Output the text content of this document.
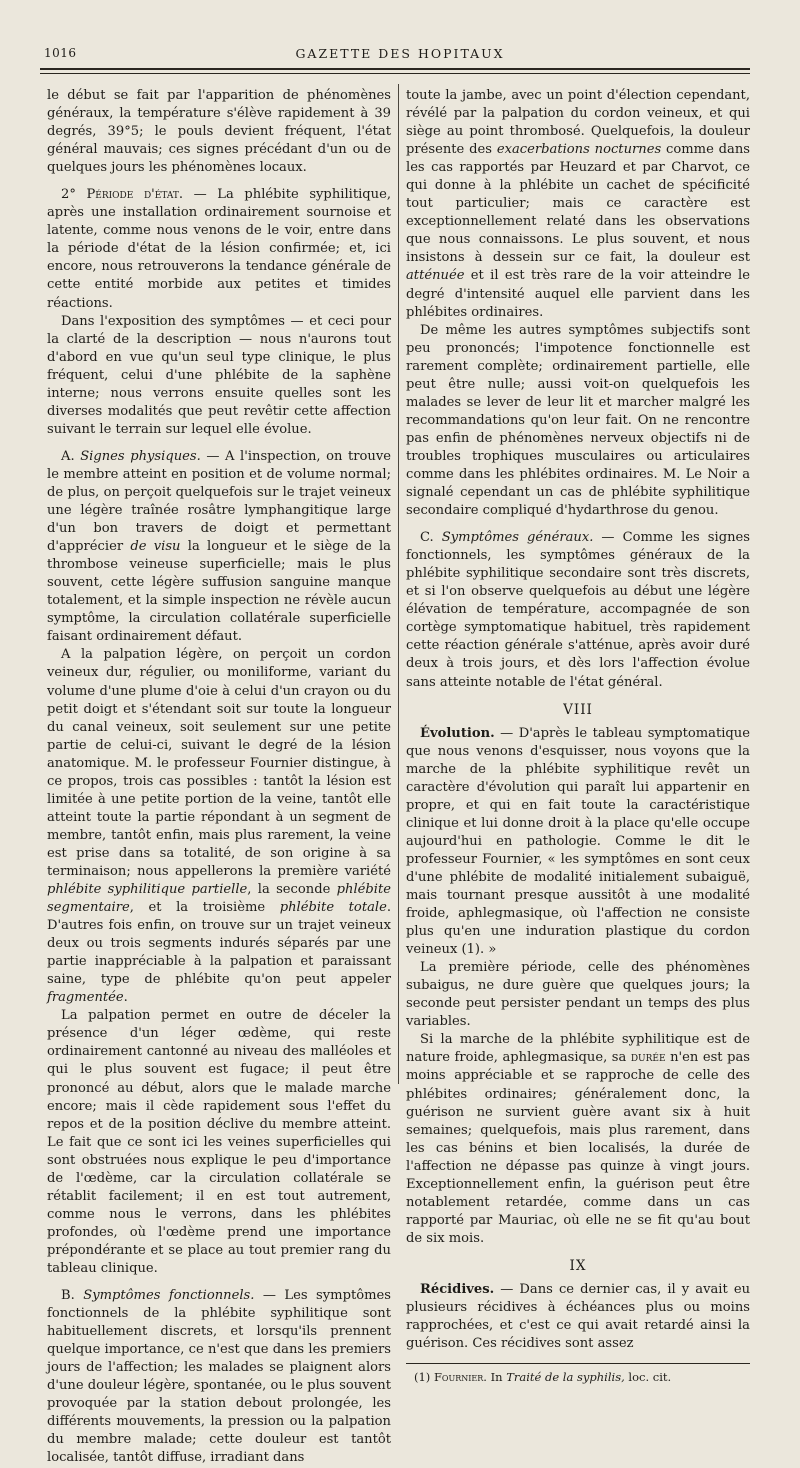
1016	GAZETTE DES HOPITAUX

le début se fait par l'apparition de phénomènes généraux, la température s'élève rapidement à 39 degrés, 39°5; le pouls devient fréquent, l'état général mauvais; ces signes précédant d'un ou de quelques jours les phénomènes locaux.

2° Période d'état. — La phlébite syphilitique, après une installation ordinairement sournoise et latente, comme nous venons de le voir, entre dans la période d'état de la lésion confirmée; et, ici encore, nous retrouverons la tendance générale de cette entité morbide aux petites et timides réactions.

Dans l'exposition des symptômes — et ceci pour la clarté de la description — nous n'aurons tout d'abord en vue qu'un seul type clinique, le plus fréquent, celui d'une phlébite de la saphène interne; nous verrons ensuite quelles sont les diverses modalités que peut revêtir cette affection suivant le terrain sur lequel elle évolue.

A. Signes physiques. — A l'inspection, on trouve le membre atteint en position et de volume normal; de plus, on perçoit quelquefois sur le trajet veineux une légère traînée rosâtre lymphangitique large d'un bon travers de doigt et permettant d'apprécier de visu la longueur et le siège de la thrombose veineuse superficielle; mais le plus souvent, cette légère suffusion sanguine manque totalement, et la simple inspection ne révèle aucun symptôme, la circulation collatérale superficielle faisant ordinairement défaut.

A la palpation légère, on perçoit un cordon veineux dur, régulier, ou moniliforme, variant du volume d'une plume d'oie à celui d'un crayon ou du petit doigt et s'étendant soit sur toute la longueur du canal veineux, soit seulement sur une petite partie de celui-ci, suivant le degré de la lésion anatomique. M. le professeur Fournier distingue, à ce propos, trois cas possibles : tantôt la lésion est limitée à une petite portion de la veine, tantôt elle atteint toute la partie répondant à un segment de membre, tantôt enfin, mais plus rarement, la veine est prise dans sa totalité, de son origine à sa terminaison; nous appellerons la première variété phlébite syphilitique partielle, la seconde phlébite segmentaire, et la troisième phlébite totale. D'autres fois enfin, on trouve sur un trajet veineux deux ou trois segments indurés séparés par une partie inappréciable à la palpation et paraissant saine, type de phlébite qu'on peut appeler fragmentée.

La palpation permet en outre de déceler la présence d'un léger œdème, qui reste ordinairement cantonné au niveau des malléoles et qui le plus souvent est fugace; il peut être prononcé au début, alors que le malade marche encore; mais il cède rapidement sous l'effet du repos et de la position déclive du membre atteint. Le fait que ce sont ici les veines superficielles qui sont obstruées nous explique le peu d'importance de l'œdème, car la circulation collatérale se rétablit facilement; il en est tout autrement, comme nous le verrons, dans les phlébites profondes, où l'œdème prend une importance prépondérante et se place au tout premier rang du tableau clinique.

B. Symptômes fonctionnels. — Les symptômes fonctionnels de la phlébite syphilitique sont habituellement discrets, et lorsqu'ils prennent quelque importance, ce n'est que dans les premiers jours de l'affection; les malades se plaignent alors d'une douleur légère, spontanée, ou le plus souvent provoquée par la station debout prolongée, les différents mouvements, la pression ou la palpation du membre malade; cette douleur est tantôt localisée, tantôt diffuse, irradiant dans

toute la jambe, avec un point d'élection cependant, révélé par la palpation du cordon veineux, et qui siège au point thrombosé. Quelquefois, la douleur présente des exacerbations nocturnes comme dans les cas rapportés par Heuzard et par Charvot, ce qui donne à la phlébite un cachet de spécificité tout particulier; mais ce caractère est exceptionnellement relaté dans les observations que nous connaissons. Le plus souvent, et nous insistons à dessein sur ce fait, la douleur est atténuée et il est très rare de la voir atteindre le degré d'intensité auquel elle parvient dans les phlébites ordinaires.

De même les autres symptômes subjectifs sont peu prononcés; l'impotence fonctionnelle est rarement complète; ordinairement partielle, elle peut être nulle; aussi voit-on quelquefois les malades se lever de leur lit et marcher malgré les recommandations qu'on leur fait. On ne rencontre pas enfin de phénomènes nerveux objectifs ni de troubles trophiques musculaires ou articulaires comme dans les phlébites ordinaires. M. Le Noir a signalé cependant un cas de phlébite syphilitique secondaire compliqué d'hydarthrose du genou.

C. Symptômes généraux. — Comme les signes fonctionnels, les symptômes généraux de la phlébite syphilitique secondaire sont très discrets, et si l'on observe quelquefois au début une légère élévation de température, accompagnée de son cortège symptomatique habituel, très rapidement cette réaction générale s'atténue, après avoir duré deux à trois jours, et dès lors l'affection évolue sans atteinte notable de l'état général.

VIII

Évolution. — D'après le tableau symptomatique que nous venons d'esquisser, nous voyons que la marche de la phlébite syphilitique revêt un caractère d'évolution qui paraît lui appartenir en propre, et qui en fait toute la caractéristique clinique et lui donne droit à la place qu'elle occupe aujourd'hui en pathologie. Comme le dit le professeur Fournier, « les symptômes en sont ceux d'une phlébite de modalité initialement subaiguë, mais tournant presque aussitôt à une modalité froide, aphlegmasique, où l'affection ne consiste plus qu'en une induration plastique du cordon veineux (1). »

La première période, celle des phénomènes subaigus, ne dure guère que quelques jours; la seconde peut persister pendant un temps des plus variables.

Si la marche de la phlébite syphilitique est de nature froide, aphlegmasique, sa durée n'en est pas moins appréciable et se rapproche de celle des phlébites ordinaires; généralement donc, la guérison ne survient guère avant six à huit semaines; quelquefois, mais plus rarement, dans les cas bénins et bien localisés, la durée de l'affection ne dépasse pas quinze à vingt jours. Exceptionnellement enfin, la guérison peut être notablement retardée, comme dans un cas rapporté par Mauriac, où elle ne se fit qu'au bout de six mois.

IX

Récidives. — Dans ce dernier cas, il y avait eu plusieurs récidives à échéances plus ou moins rapprochées, et c'est ce qui avait retardé ainsi la guérison. Ces récidives sont assez

(1) Fournier. In Traité de la syphilis, loc. cit.
